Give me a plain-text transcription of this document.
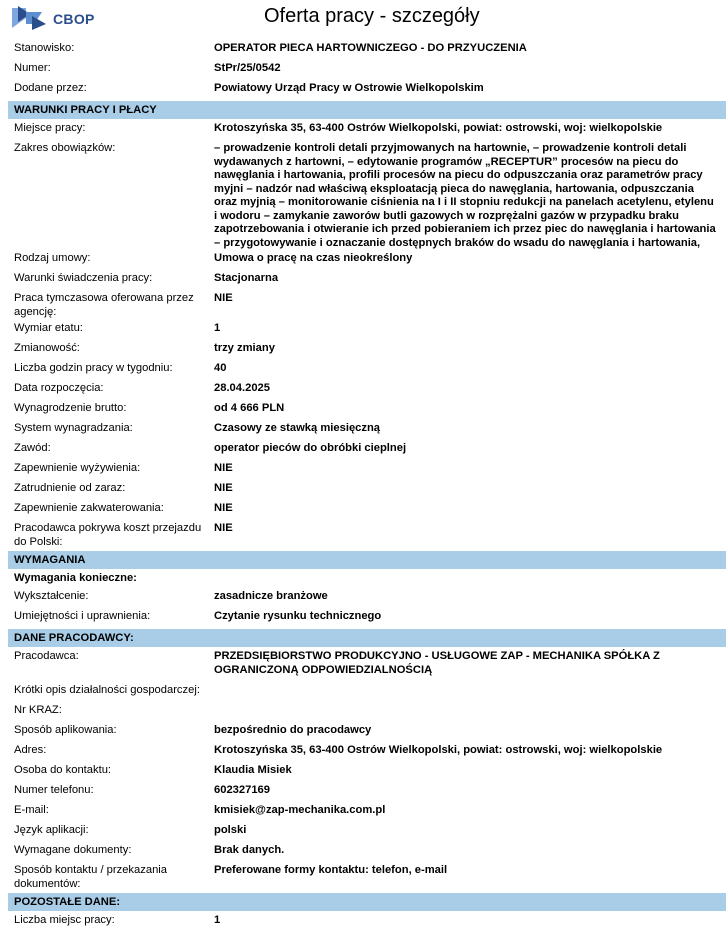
CBOP	Oferta pracy - szczegóły
Stanowisko:	OPERATOR PIECA HARTOWNICZEGO - DO PRZYUCZENIA
Numer:	StPr/25/0542
Dodane przez:	Powiatowy Urząd Pracy w Ostrowie Wielkopolskim
WARUNKI PRACY I PŁACY
Miejsce pracy:	Krotoszyńska 35, 63-400 Ostrów Wielkopolski, powiat: ostrowski, woj: wielkopolskie
Zakres obowiązków:	– prowadzenie kontroli detali przyjmowanych na hartownie, – prowadzenie kontroli detali wydawanych z hartowni, – edytowanie programów „RECEPTUR” procesów na piecu do nawęglania i hartowania, profili procesów na piecu do odpuszczania oraz parametrów pracy myjni – nadzór nad właściwą eksploatacją pieca do nawęglania, hartowania, odpuszczania oraz myjnią – monitorowanie ciśnienia na I i II stopniu redukcji na panelach acetylenu, etylenu i wodoru – zamykanie zaworów butli gazowych w rozprężalni gazów w przypadku braku zapotrzebowania i otwieranie ich przed pobieraniem ich przez piec do nawęglania i hartowania – przygotowywanie i oznaczanie dostępnych braków do wsadu do nawęglania i hartowania,
Rodzaj umowy:	Umowa o pracę na czas nieokreślony
Warunki świadczenia pracy:	Stacjonarna
Praca tymczasowa oferowana przez agencję:
NIE
Wymiar etatu:	1
Zmianowość:	trzy zmiany
Liczba godzin pracy w tygodniu:	40
Data rozpoczęcia:	28.04.2025
Wynagrodzenie brutto:	od 4 666 PLN
System wynagradzania:	Czasowy ze stawką miesięczną
Zawód:	operator pieców do obróbki cieplnej
Zapewnienie wyżywienia:	NIE
Zatrudnienie od zaraz:	NIE
Zapewnienie zakwaterowania:	NIE
Pracodawca pokrywa koszt przejazdu do Polski:
NIE
WYMAGANIA
Wymagania konieczne:
Wykształcenie:	zasadnicze branżowe
Umiejętności i uprawnienia:	Czytanie rysunku technicznego
DANE PRACODAWCY:
Pracodawca:	PRZEDSIĘBIORSTWO PRODUKCYJNO - USŁUGOWE ZAP - MECHANIKA SPÓŁKA Z OGRANICZONĄ ODPOWIEDZIALNOŚCIĄ
Krótki opis działalności gospodarczej:
Nr KRAZ:
Sposób aplikowania:	bezpośrednio do pracodawcy
Adres:	Krotoszyńska 35, 63-400 Ostrów Wielkopolski, powiat: ostrowski, woj: wielkopolskie
Osoba do kontaktu:	Klaudia Misiek
Numer telefonu:	602327169
E-mail:	kmisiek@zap-mechanika.com.pl
Język aplikacji:	polski
Wymagane dokumenty:	Brak danych.
Sposób kontaktu / przekazania dokumentów:
Preferowane formy kontaktu: telefon, e-mail
POZOSTAŁE DANE:
Liczba miejsc pracy:	1
